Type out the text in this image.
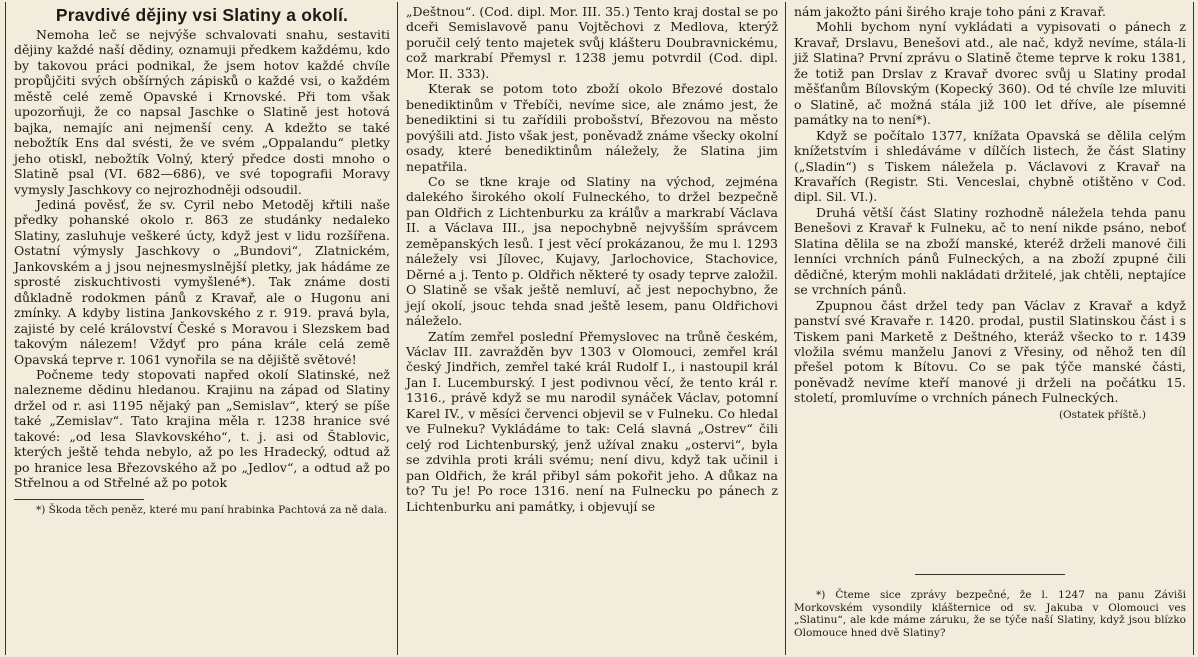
Pravdivé dějiny vsi Slatiny a okolí.

Nemoha leč se nejvýše schvalovati snahu, sestaviti dějiny každé naší dědiny, oznamuji předkem každému, kdo by takovou práci podnikal, že jsem hotov každé chvíle propůjčiti svých obšírných zápisků o každé vsi, o každém městě celé země Opavské i Krnovské. Při tom však upozorňuji, že co napsal Jaschke o Slatině jest hotová bajka, nemajíc ani nejmenší ceny. A kdežto se také nebožtík Ens dal svésti, že ve svém „Oppalandu“ pletky jeho otiskl, nebožtík Volný, který předce dosti mnoho o Slatině psal (VI. 682—686), ve své topografii Moravy vymysly Jaschkovy co nejrozhodněji odsoudil.

Jediná pověsť, že sv. Cyril nebo Metoděj křtili naše předky pohanské okolo r. 863 ze studánky nedaleko Slatiny, zasluhuje veškeré úcty, když jest v lidu rozšířena. Ostatní výmysly Jaschkovy o „Bundovi“, Zlatnickém, Jankovském a j jsou nejnesmyslnější pletky, jak hádáme ze sprosté ziskuchtivosti vymyšlené*). Tak známe dosti důkladně rodokmen pánů z Kravař, ale o Hugonu ani zmínky. A kdyby listina Jankovského z r. 919. pravá byla, zajisté by celé království České s Moravou i Slezskem bad takovým nálezem! Vždyť pro pána krále celá země Opavská teprve r. 1061 vynořila se na dějiště světové!

Počneme tedy stopovati napřed okolí Slatinské, než nalezneme dědinu hledanou. Krajinu na západ od Slatiny držel od r. asi 1195 nějaký pan „Semislav“, který se píše také „Zemislav“. Tato krajina měla r. 1238 hranice své takové: „od lesa Slavkovského“, t. j. asi od Štablovic, kterých ještě tehda nebylo, až po les Hradecký, odtud až po hranice lesa Březovského až po „Jedlov“, a odtud až po Střelnou a od Střelné až po potok

*) Škoda těch peněz, které mu paní hrabinka Pachtová za ně dala.

„Deštnou“. (Cod. dipl. Mor. III. 35.) Tento kraj dostal se po dceři Semislavově panu Vojtěchovi z Medlova, kterýž poručil celý tento majetek svůj klášteru Doubravnickému, což markrabí Přemysl r. 1238 jemu potvrdil (Cod. dipl. Mor. II. 333).

Kterak se potom toto zboží okolo Březové dostalo benediktinům v Třebíči, nevíme sice, ale známo jest, že benediktini si tu zařídili probošství, Březovou na město povýšili atd. Jisto však jest, poněvadž známe všecky okolní osady, které benediktinům náležely, že Slatina jim nepatřila.

Co se tkne kraje od Slatiny na východ, zejména dalekého širokého okolí Fulneckého, to držel bezpečně pan Oldřich z Lichtenburku za králův a markrabí Václava II. a Václava III., jsa nepochybně nejvyšším správcem zeměpanských lesů. I jest věcí prokázanou, že mu l. 1293 náležely vsi Jílovec, Kujavy, Jarlochovice, Stachovice, Děrné a j. Tento p. Oldřich některé ty osady teprve založil. O Slatině se však ještě nemluví, ač jest nepochybno, že její okolí, jsouc tehda snad ještě lesem, panu Oldřichovi náleželo.

Zatím zemřel poslední Přemyslovec na trůně českém, Václav III. zavražděn byv 1303 v Olomouci, zemřel král český Jindřich, zemřel také král Rudolf I., i nastoupil král Jan I. Lucemburský. I jest podivnou věcí, že tento král r. 1316., právě když se mu narodil synáček Václav, potomní Karel IV., v měsíci červenci objevil se v Fulneku. Co hledal ve Fulneku? Vykládáme to tak: Celá slavná „Ostrev“ čili celý rod Lichtenburský, jenž užíval znaku „ostervi“, byla se zdvihla proti králi svému; není divu, když tak učinil i pan Oldřich, že král přibyl sám pokořit jeho. A důkaz na to? Tu je! Po roce 1316. není na Fulnecku po pánech z Lichtenburku ani památky, i objevují se

nám jakožto páni širého kraje toho páni z Kravař.

Mohli bychom nyní vykládati a vypisovati o pánech z Kravař, Drslavu, Benešovi atd., ale nač, když nevíme, stála-li již Slatina? První zprávu o Slatině čteme teprve k roku 1381, že totiž pan Drslav z Kravař dvorec svůj u Slatiny prodal měšťanům Bílovským (Kopecký 360). Od té chvíle lze mluviti o Slatině, ač možná stála již 100 let dříve, ale písemné památky na to není*).

Když se počítalo 1377, knížata Opavská se dělila celým knížetstvím i shledáváme v dílčích listech, že část Slatiny („Sladin“) s Tiskem náležela p. Václavovi z Kravař na Kravařích (Registr. Sti. Venceslai, chybně otištěno v Cod. dipl. Sil. VI.).

Druhá větší část Slatiny rozhodně náležela tehda panu Benešovi z Kravař k Fulneku, ač to není nikde psáno, neboť Slatina dělila se na zboží manské, kteréž drželi manové čili lenníci vrchních pánů Fulneckých, a na zboží zpupné čili dědičné, kterým mohli nakládati držitelé, jak chtěli, neptajíce se vrchních pánů.

Zpupnou část držel tedy pan Václav z Kravař a když panství své Kravaře r. 1420. prodal, pustil Slatinskou část i s Tiskem pani Marketě z Deštného, kteráž všecko to r. 1439 vložila svému manželu Janovi z Vřesiny, od něhož ten díl přešel potom k Bítovu. Co se pak týče manské části, poněvadž nevíme kteří manové ji drželi na počátku 15. století, promluvíme o vrchních pánech Fulneckých.

(Ostatek příště.)

*) Čteme sice zprávy bezpečné, že l. 1247 na panu Záviši Morkovském vysondily klášternice od sv. Jakuba v Olomouci ves „Slatinu“, ale kde máme záruku, že se týče naší Slatiny, když jsou blízko Olomouce hned dvě Slatiny?
